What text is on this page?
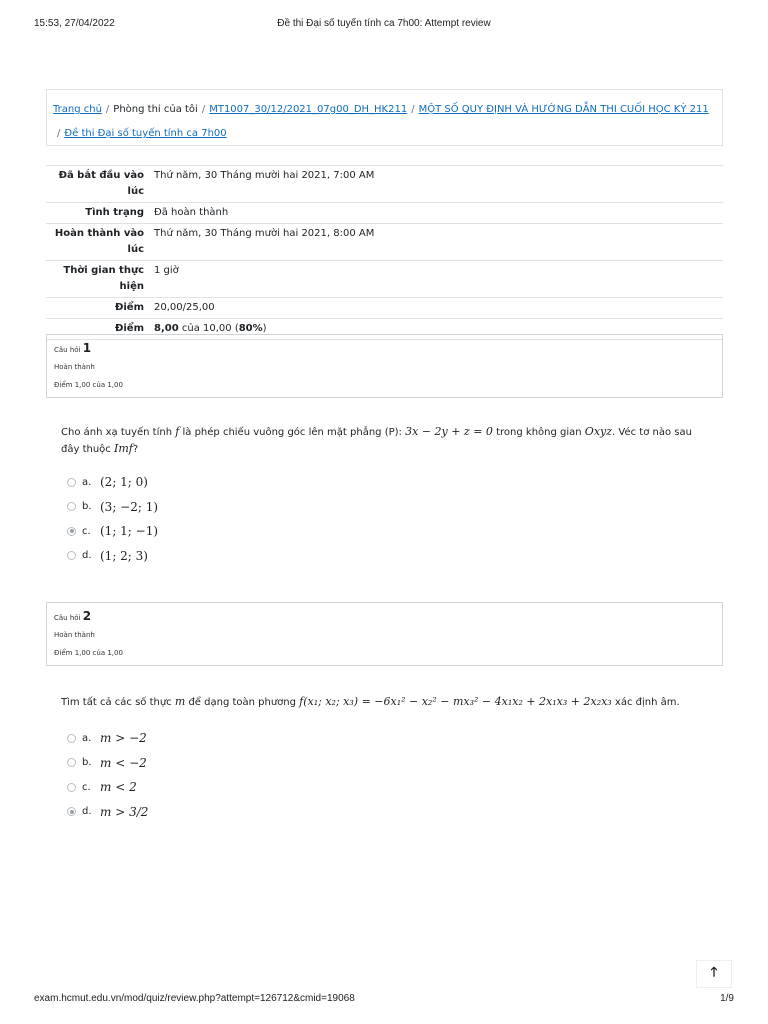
15:53, 27/04/2022	Đề thi Đại số tuyến tính ca 7h00: Attempt review
Trang chủ / Phòng thi của tôi / MT1007_30/12/2021_07g00_DH_HK211 / MỘT SỐ QUY ĐỊNH VÀ HƯỚNG DẪN THI CUỐI HỌC KỲ 211
/ Đề thi Đại số tuyến tính ca 7h00
Đã bắt đầu vào lúc	Thứ năm, 30 Tháng mười hai 2021, 7:00 AM
Tình trạng	Đã hoàn thành
Hoàn thành vào lúc	Thứ năm, 30 Tháng mười hai 2021, 8:00 AM
Thời gian thực hiện	1 giờ
Điểm	20,00/25,00
Điểm	8,00 của 10,00 (80%)
Câu hỏi 1
Hoàn thành
Điểm 1,00 của 1,00
Cho ánh xạ tuyến tính f là phép chiếu vuông góc lên mặt phẳng (P): 3x − 2y + z = 0 trong không gian Oxyz. Véc tơ nào sau đây thuộc Imf?
a. (2; 1; 0)
b. (3; −2; 1)
c. (1; 1; −1)
d. (1; 2; 3)
Câu hỏi 2
Hoàn thành
Điểm 1,00 của 1,00
Tìm tất cả các số thực m để dạng toàn phương f(x₁; x₂; x₃) = −6x₁² − x₂² − mx₃² − 4x₁x₂ + 2x₁x₃ + 2x₂x₃ xác định âm.
a. m > −2
b. m < −2
c. m < 2
d. m > 3/2
🡑
exam.hcmut.edu.vn/mod/quiz/review.php?attempt=126712&cmid=19068	1/9
